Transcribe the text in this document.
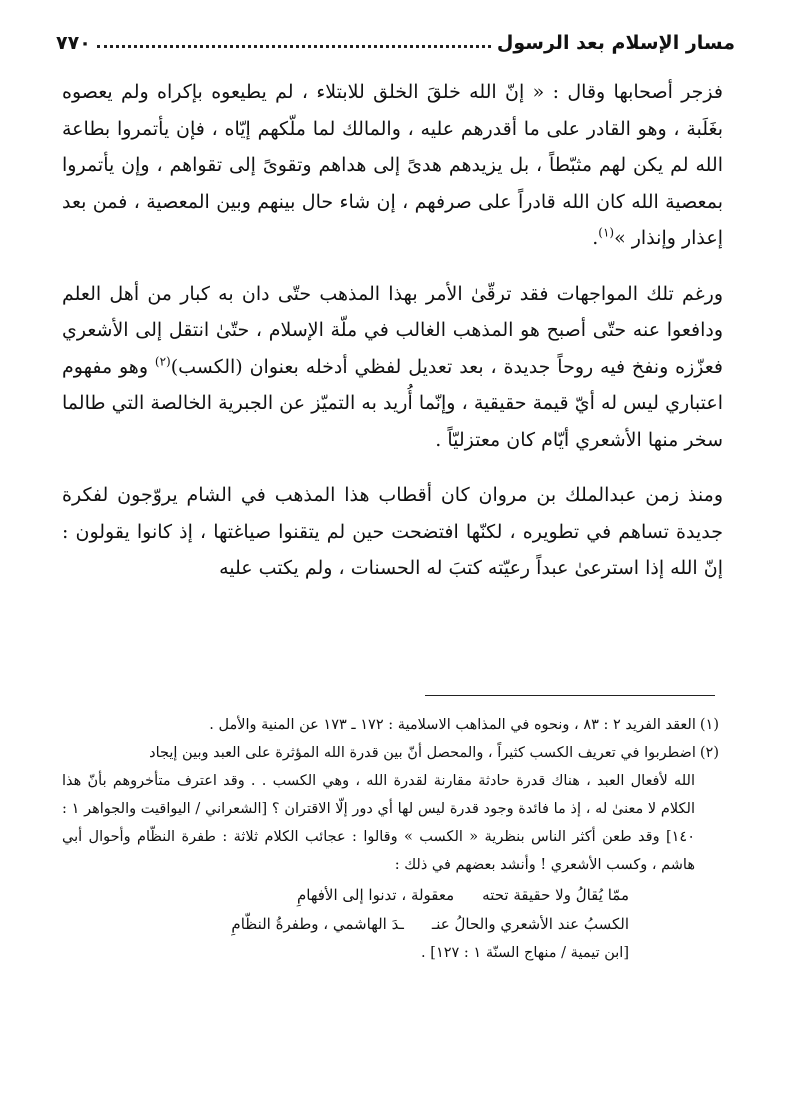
مسار الإسلام بعد الرسول
٧٧٠

فزجر أصحابها وقال : « إنّ الله خلقَ الخلق للابتلاء ، لم يطيعوه بإكراه ولم يعصوه بغَلَبة ، وهو القادر على ما أقدرهم عليه ، والمالك لما ملّكهم إيّاه ، فإن يأتمروا بطاعة الله لم يكن لهم مثبّطاً ، بل يزيدهم هدىً إلى هداهم وتقوىً إلى تقواهم ، وإن يأتمروا بمعصية الله كان الله قادراً على صرفهم ، إن شاء حال بينهم وبين المعصية ، فمن بعد إعذار وإنذار »$^{(١)}$.

ورغم تلك المواجهات فقد ترقّىٰ الأمر بهذا المذهب حتّى دان به كبار من أهل العلم ودافعوا عنه حتّى أصبح هو المذهب الغالب في ملّة الإسلام ، حتّىٰ انتقل إلى الأشعري فعزّزه ونفخ فيه روحاً جديدة ، بعد تعديل لفظي أدخله بعنوان (الكسب)$^{(٢)}$ وهو مفهوم اعتباري ليس له أيّ قيمة حقيقية ، وإنّما أُريد به التميّز عن الجبرية الخالصة التي طالما سخر منها الأشعري أيّام كان معتزليّاً .

ومنذ زمن عبدالملك بن مروان كان أقطاب هذا المذهب في الشام يروّجون لفكرة جديدة تساهم في تطويره ، لكنّها افتضحت حين لم يتقنوا صياغتها ، إذ كانوا يقولون : إنّ الله إذا استرعىٰ عبداً رعيّته كتبَ له الحسنات ، ولم يكتب عليه

(١)العقد الفريد ٢ : ٨٣ ، ونحوه في المذاهب الاسلامية : ١٧٢ ـ ١٧٣ عن المنية والأمل .

(٢)اضطربوا في تعريف الكسب كثيراً ، والمحصل أنّ بين قدرة الله المؤثرة على العبد وبين إيجاد

الله لأفعال العبد ، هناك قدرة حادثة مقارنة لقدرة الله ، وهي الكسب . . وقد اعترف متأخروهم بأنّ هذا الكلام لا معنىٰ له ، إذ ما فائدة وجود قدرة ليس لها أي دور إلّا الاقتران ؟ [الشعراني / اليواقيت والجواهر ١ : ١٤٠] وقد طعن أكثر الناس بنظرية « الكسب » وقالوا : عجائب الكلام ثلاثة : طفرة النظّام وأحوال أبي هاشم ، وكسب الأشعري ! وأنشد بعضهم في ذلك :

ممّا يُقالُ ولا حقيقة تحته
معقولة ، تدنوا إلى الأفهامِ
الكسبُ عند الأشعري والحالُ عنـ
ـدَ الهاشمي ، وطفرةُ النظّامِ

[ابن تيمية / منهاج السنّة ١ : ١٢٧] .
